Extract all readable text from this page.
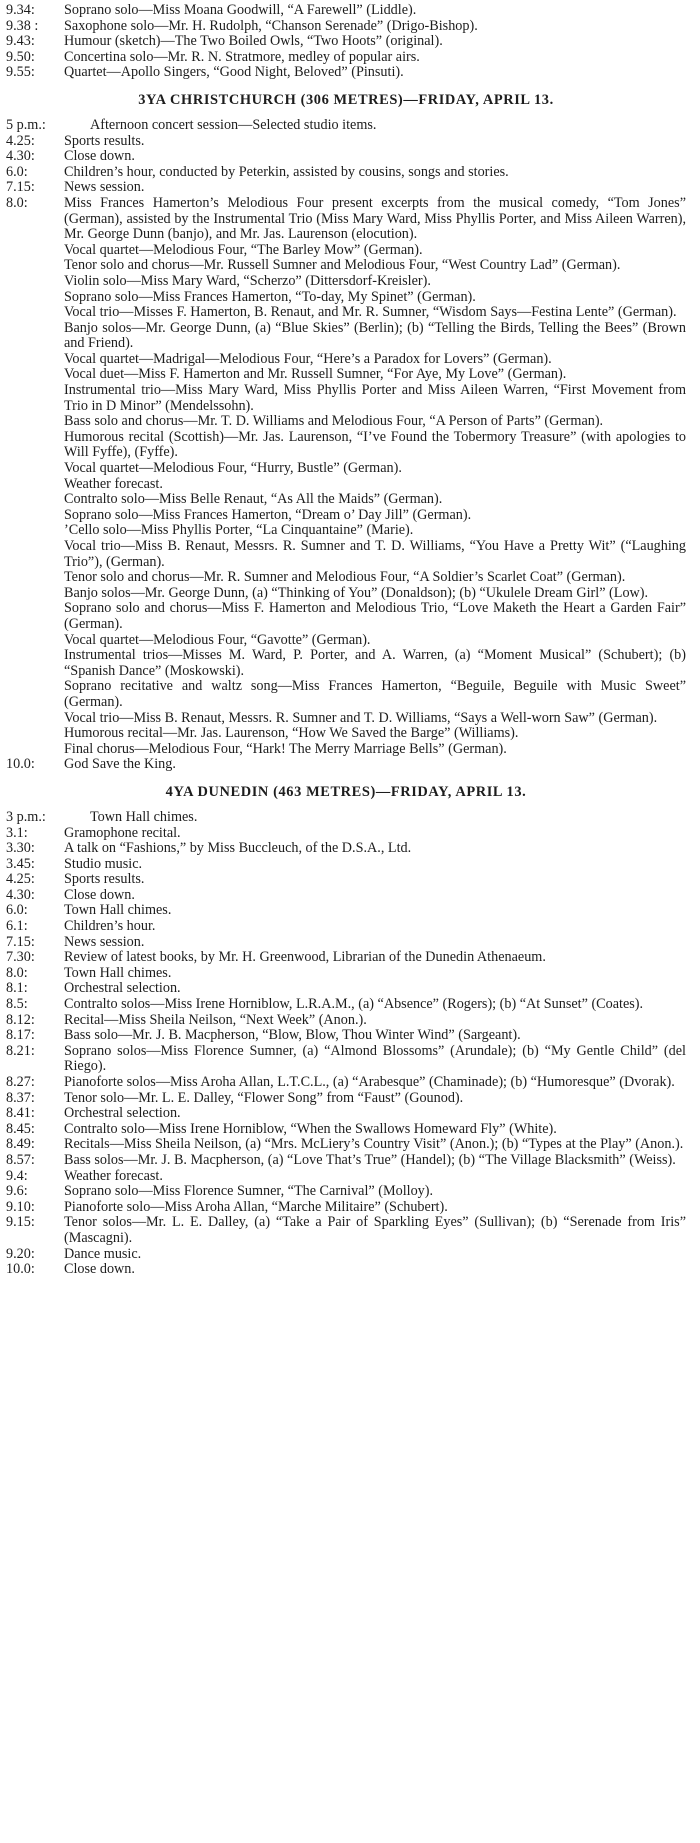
9.34:	Soprano solo—Miss Moana Goodwill, “A Farewell” (Liddle).
9.38 :	Saxophone solo—Mr. H. Rudolph, “Chanson Serenade” (Drigo-Bishop).
9.43:	Humour (sketch)—The Two Boiled Owls, “Two Hoots” (original).
9.50:	Concertina solo—Mr. R. N. Stratmore, medley of popular airs.
9.55:	Quartet—Apollo Singers, “Good Night, Beloved” (Pinsuti).
3YA CHRISTCHURCH (306 METRES)—FRIDAY, APRIL 13.
5 p.m.:	Afternoon concert session—Selected studio items.
4.25:	Sports results.
4.30:	Close down.
6.0:	Children’s hour, conducted by Peterkin, assisted by cousins, songs and stories.
7.15:	News session.
8.0:	Miss Frances Hamerton’s Melodious Four present excerpts from the musical comedy, “Tom Jones” (German), assisted by the Instrumental Trio (Miss Mary Ward, Miss Phyllis Porter, and Miss Aileen Warren), Mr. George Dunn (banjo), and Mr. Jas. Laurenson (elocution).
Vocal quartet—Melodious Four, “The Barley Mow” (German).
Tenor solo and chorus—Mr. Russell Sumner and Melodious Four, “West Country Lad” (German).
Violin solo—Miss Mary Ward, “Scherzo” (Dittersdorf-Kreisler).
Soprano solo—Miss Frances Hamerton, “To-day, My Spinet” (German).
Vocal trio—Misses F. Hamerton, B. Renaut, and Mr. R. Sumner, “Wisdom Says—Festina Lente” (German).
Banjo solos—Mr. George Dunn, (a) “Blue Skies” (Berlin); (b) “Telling the Birds, Telling the Bees” (Brown and Friend).
Vocal quartet—Madrigal—Melodious Four, “Here’s a Paradox for Lovers” (German).
Vocal duet—Miss F. Hamerton and Mr. Russell Sumner, “For Aye, My Love” (German).
Instrumental trio—Miss Mary Ward, Miss Phyllis Porter and Miss Aileen Warren, “First Movement from Trio in D Minor” (Mendelssohn).
Bass solo and chorus—Mr. T. D. Williams and Melodious Four, “A Person of Parts” (German).
Humorous recital (Scottish)—Mr. Jas. Laurenson, “I’ve Found the Tobermory Treasure” (with apologies to Will Fyffe), (Fyffe).
Vocal quartet—Melodious Four, “Hurry, Bustle” (German).
Weather forecast.
Contralto solo—Miss Belle Renaut, “As All the Maids” (German).
Soprano solo—Miss Frances Hamerton, “Dream o’ Day Jill” (German).
’Cello solo—Miss Phyllis Porter, “La Cinquantaine” (Marie).
Vocal trio—Miss B. Renaut, Messrs. R. Sumner and T. D. Williams, “You Have a Pretty Wit” (“Laughing Trio”), (German).
Tenor solo and chorus—Mr. R. Sumner and Melodious Four, “A Soldier’s Scarlet Coat” (German).
Banjo solos—Mr. George Dunn, (a) “Thinking of You” (Donaldson); (b) “Ukulele Dream Girl” (Low).
Soprano solo and chorus—Miss F. Hamerton and Melodious Trio, “Love Maketh the Heart a Garden Fair” (German).
Vocal quartet—Melodious Four, “Gavotte” (German).
Instrumental trios—Misses M. Ward, P. Porter, and A. Warren, (a) “Moment Musical” (Schubert); (b) “Spanish Dance” (Moskowski).
Soprano recitative and waltz song—Miss Frances Hamerton, “Beguile, Beguile with Music Sweet” (German).
Vocal trio—Miss B. Renaut, Messrs. R. Sumner and T. D. Williams, “Says a Well-worn Saw” (German).
Humorous recital—Mr. Jas. Laurenson, “How We Saved the Barge” (Williams).
Final chorus—Melodious Four, “Hark! The Merry Marriage Bells” (German).
10.0:	God Save the King.
4YA DUNEDIN (463 METRES)—FRIDAY, APRIL 13.
3 p.m.:	Town Hall chimes.
3.1:	Gramophone recital.
3.30:	A talk on “Fashions,” by Miss Buccleuch, of the D.S.A., Ltd.
3.45:	Studio music.
4.25:	Sports results.
4.30:	Close down.
6.0:	Town Hall chimes.
6.1:	Children’s hour.
7.15:	News session.
7.30:	Review of latest books, by Mr. H. Greenwood, Librarian of the Dunedin Athenaeum.
8.0:	Town Hall chimes.
8.1:	Orchestral selection.
8.5:	Contralto solos—Miss Irene Horniblow, L.R.A.M., (a) “Absence” (Rogers); (b) “At Sunset” (Coates).
8.12:	Recital—Miss Sheila Neilson, “Next Week” (Anon.).
8.17:	Bass solo—Mr. J. B. Macpherson, “Blow, Blow, Thou Winter Wind” (Sargeant).
8.21:	Soprano solos—Miss Florence Sumner, (a) “Almond Blossoms” (Arundale); (b) “My Gentle Child” (del Riego).
8.27:	Pianoforte solos—Miss Aroha Allan, L.T.C.L., (a) “Arabesque” (Chaminade); (b) “Humoresque” (Dvorak).
8.37:	Tenor solo—Mr. L. E. Dalley, “Flower Song” from “Faust” (Gounod).
8.41:	Orchestral selection.
8.45:	Contralto solo—Miss Irene Horniblow, “When the Swallows Homeward Fly” (White).
8.49:	Recitals—Miss Sheila Neilson, (a) “Mrs. McLiery’s Country Visit” (Anon.); (b) “Types at the Play” (Anon.).
8.57:	Bass solos—Mr. J. B. Macpherson, (a) “Love That’s True” (Handel); (b) “The Village Blacksmith” (Weiss).
9.4:	Weather forecast.
9.6:	Soprano solo—Miss Florence Sumner, “The Carnival” (Molloy).
9.10:	Pianoforte solo—Miss Aroha Allan, “Marche Militaire” (Schubert).
9.15:	Tenor solos—Mr. L. E. Dalley, (a) “Take a Pair of Sparkling Eyes” (Sullivan); (b) “Serenade from Iris” (Mascagni).
9.20:	Dance music.
10.0:	Close down.
